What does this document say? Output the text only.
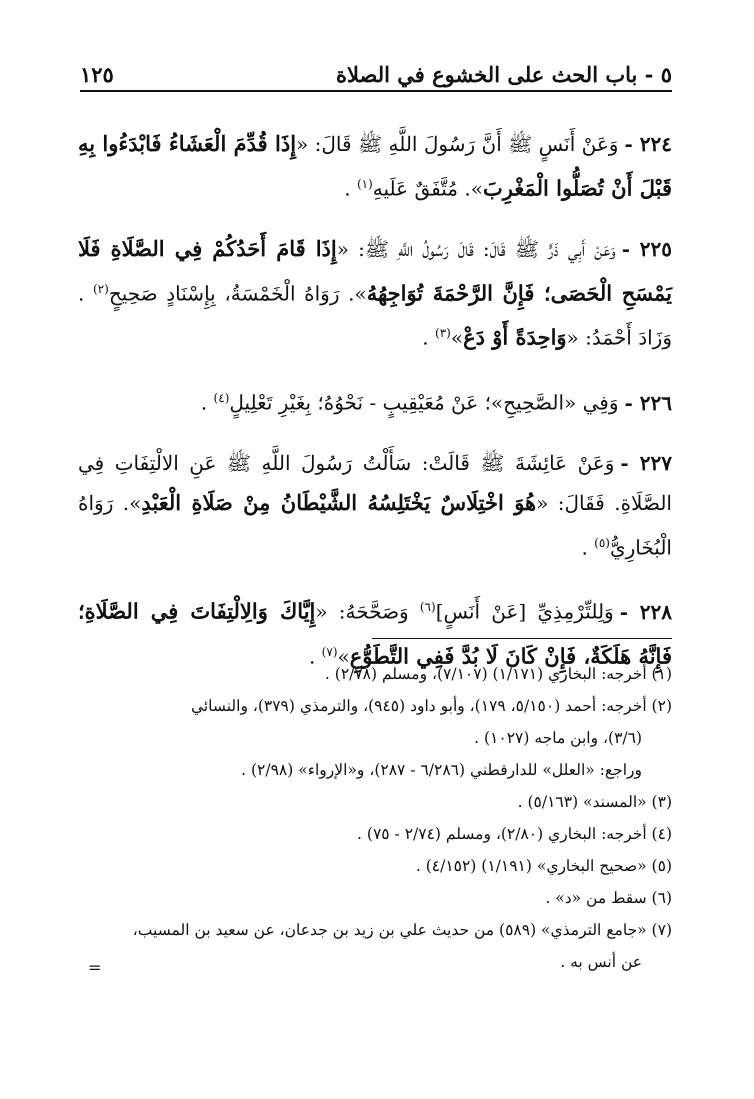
٥ - باب الحث على الخشوع في الصلاة
١٢٥

٢٢٤ -وَعَنْ أَنَسٍ ﷺ أَنَّ رَسُولَ اللَّهِ ﷺ قَالَ: «إِذَا قُدِّمَ الْعَشَاءُ فَابْدَءُوا بِهِ قَبْلَ أَنْ تُصَلُّوا الْمَغْرِبَ». مُتَّفَقٌ عَلَيهِ$^{(١)}$ .

٢٢٥ -وَعَنْ أَبِي ذَرٍّ ﷺ قَالَ: قَالَ رَسُولُ اللَّهِ ﷺ: «إِذَا قَامَ أَحَدُكُمْ فِي الصَّلَاةِ فَلَا يَمْسَحِ الْحَصَى؛ فَإِنَّ الرَّحْمَةَ تُوَاجِهُهُ». رَوَاهُ الْخَمْسَةُ، بِإِسْنَادٍ صَحِيحٍ$^{(٢)}$ . وَزَادَ أَحْمَدُ: «وَاحِدَةً أَوْ دَعْ»$^{(٣)}$ .

٢٢٦ -وَفِي «الصَّحِيحِ»؛ عَنْ مُعَيْقِيبٍ - نَحْوُهُ؛ بِغَيْرِ تَعْلِيلٍ$^{(٤)}$ .

٢٢٧ -وَعَنْ عَائِشَةَ ﷺ قَالَتْ: سَأَلْتُ رَسُولَ اللَّهِ ﷺ عَنِ الالْتِفَاتِ فِي الصَّلَاةِ. فَقَالَ: «هُوَ اخْتِلَاسٌ يَخْتَلِسُهُ الشَّيْطَانُ مِنْ صَلَاةِ الْعَبْدِ». رَوَاهُ الْبُخَارِيُّ$^{(٥)}$ .

٢٢٨ -وَلِلتِّرْمِذِيِّ [عَنْ أَنَسٍ]$^{(٦)}$ وَصَحَّحَهُ: «إِيَّاكَ وَالِالْتِفَاتَ فِي الصَّلَاةِ؛ فَإِنَّهُ هَلَكَةٌ، فَإِنْ كَانَ لَا بُدَّ فَفِي التَّطَوُّعِ»$^{(٧)}$ .

(١) أخرجه: البخاري (١/١٧١) (٧/١٠٧)، ومسلم (٢/٧٨) .
(٢) أخرجه: أحمد (٥/١٥٠، ١٧٩)، وأبو داود (٩٤٥)، والترمذي (٣٧٩)، والنسائي
(٣/٦)، وابن ماجه (١٠٢٧) .
وراجع: «العلل» للدارقطني (٦/٢٨٦ - ٢٨٧)، و«الإرواء» (٢/٩٨) .
(٣) «المسند» (٥/١٦٣) .
(٤) أخرجه: البخاري (٢/٨٠)، ومسلم (٢/٧٤ - ٧٥) .
(٥) «صحيح البخاري» (١/١٩١) (٤/١٥٢) .
(٦) سقط من «د» .
(٧) «جامع الترمذي» (٥٨٩) من حديث علي بن زيد بن جدعان، عن سعيد بن المسيب،
عن أنس به .
=
